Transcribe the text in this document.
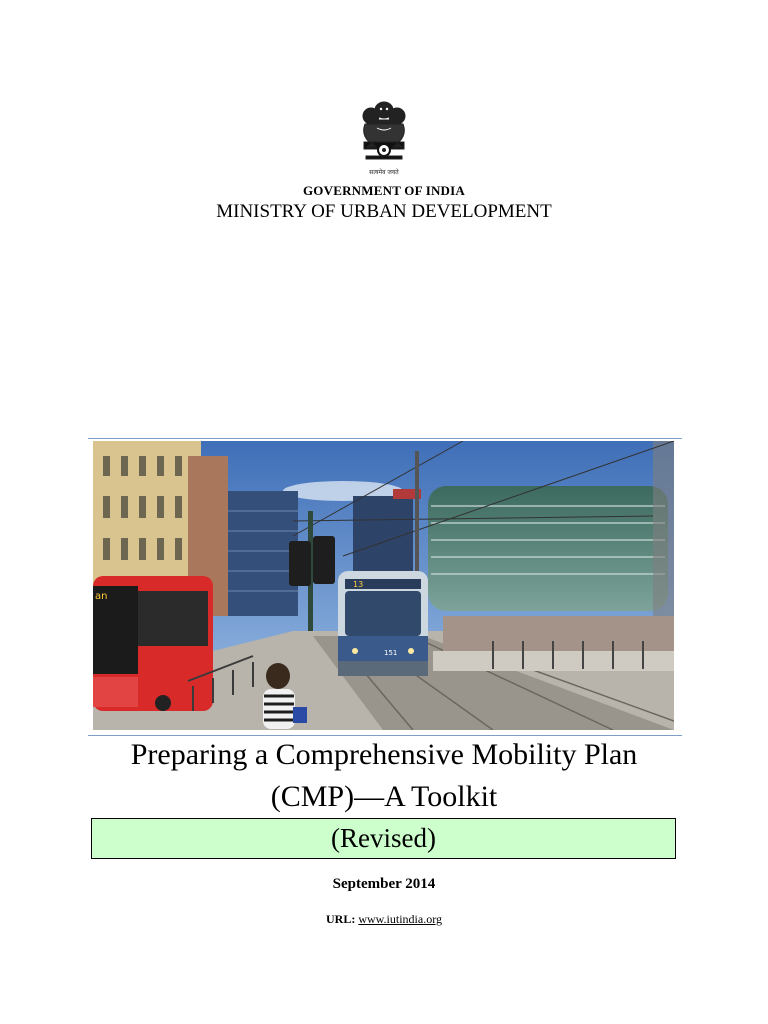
सत्यमेव जयते
GOVERNMENT OF INDIA
MINISTRY OF URBAN DEVELOPMENT
13
151
an
Preparing a Comprehensive Mobility Plan
(CMP)—A Toolkit
(Revised)
September 2014
URL: www.iutindia.org
